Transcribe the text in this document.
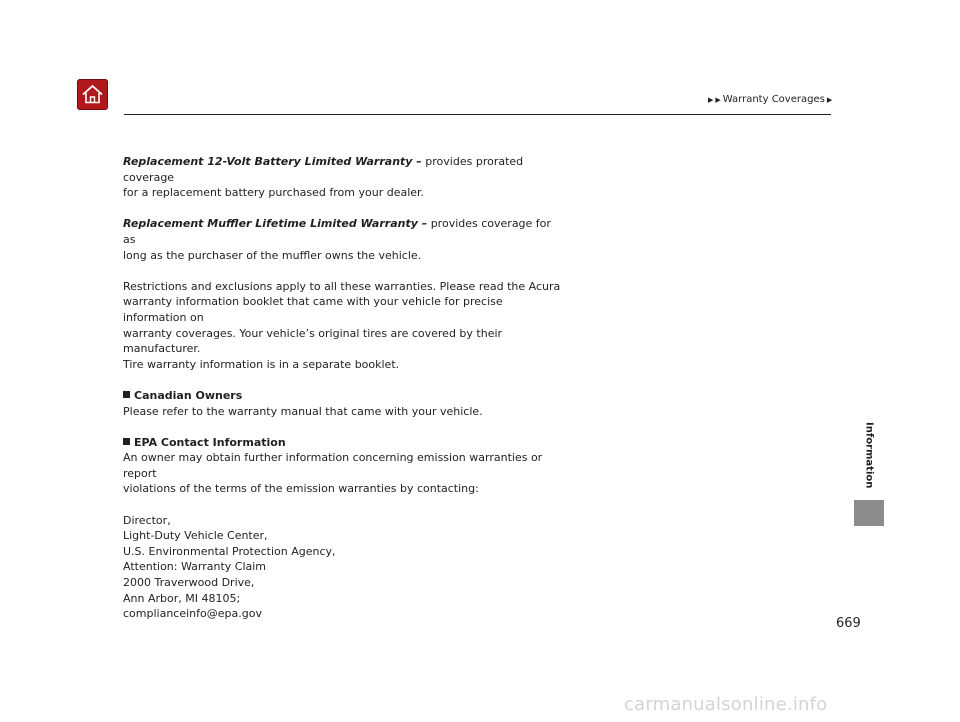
▶ ▶ Warranty Coverages ▶

Replacement 12-Volt Battery Limited Warranty – provides prorated coverage
for a replacement battery purchased from your dealer.

Replacement Muffler Lifetime Limited Warranty – provides coverage for as
long as the purchaser of the muffler owns the vehicle.

Restrictions and exclusions apply to all these warranties. Please read the Acura
warranty information booklet that came with your vehicle for precise information on
warranty coverages. Your vehicle’s original tires are covered by their manufacturer.
Tire warranty information is in a separate booklet.

Canadian Owners

Please refer to the warranty manual that came with your vehicle.

EPA Contact Information

An owner may obtain further information concerning emission warranties or report
violations of the terms of the emission warranties by contacting:

Director,
Light-Duty Vehicle Center,
U.S. Environmental Protection Agency,
Attention: Warranty Claim
2000 Traverwood Drive,
Ann Arbor, MI 48105;
complianceinfo@epa.gov

Information
669
carmanualsonline.info
